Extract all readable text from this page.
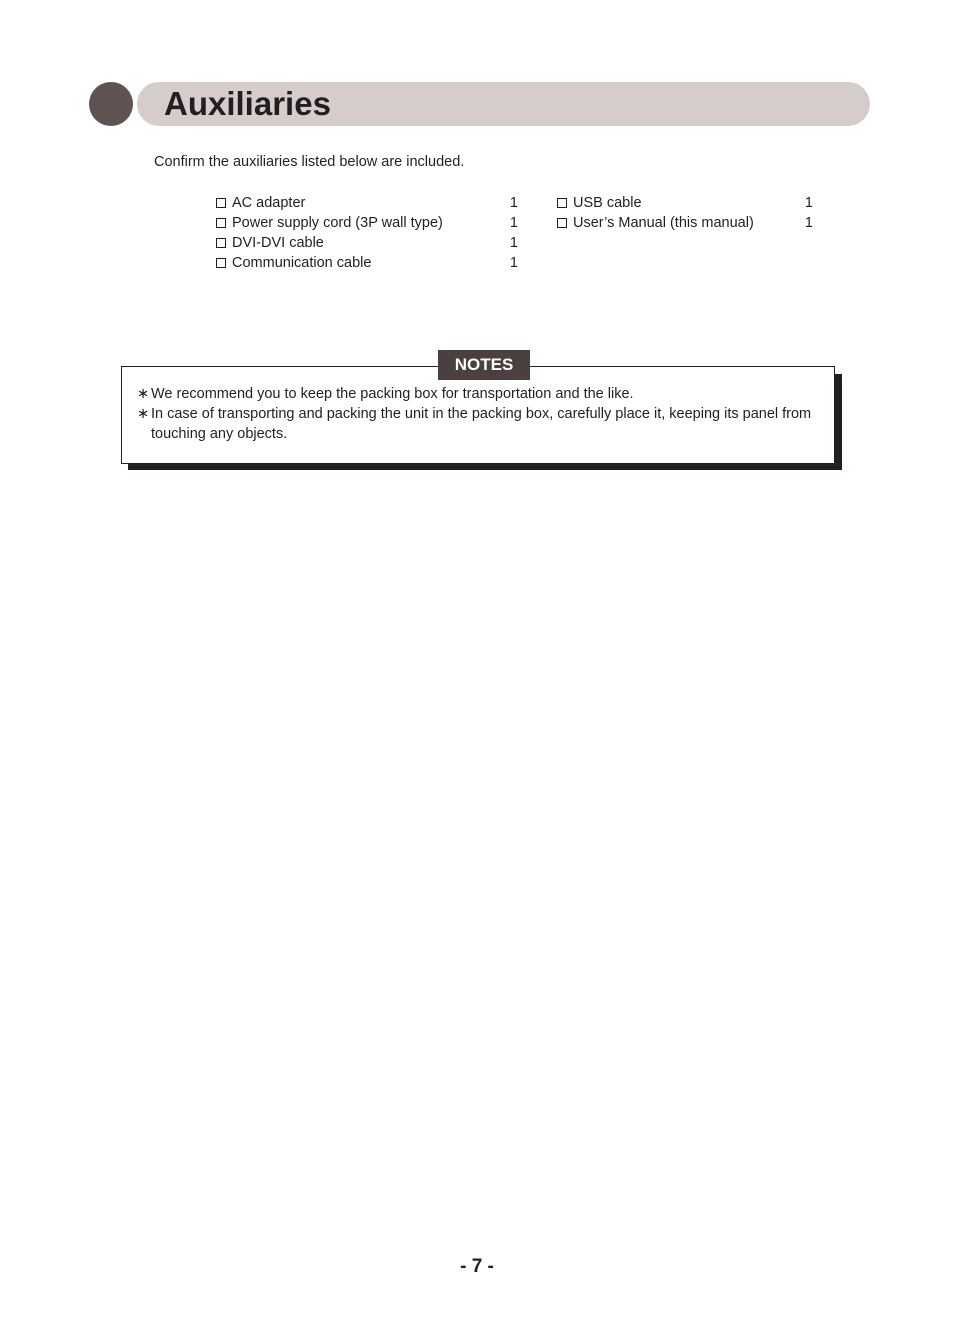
Auxiliaries
Confirm the auxiliaries listed below are included.
AC adapter	1
Power supply cord (3P wall type)	1
DVI-DVI cable	1
Communication cable	1
USB cable	1
User’s Manual (this manual)	1
NOTES
∗ We recommend you to keep the packing box for transportation and the like.
∗ In case of transporting and packing the unit in the packing box, carefully place it, keeping its panel from touching any objects.
- 7 -
